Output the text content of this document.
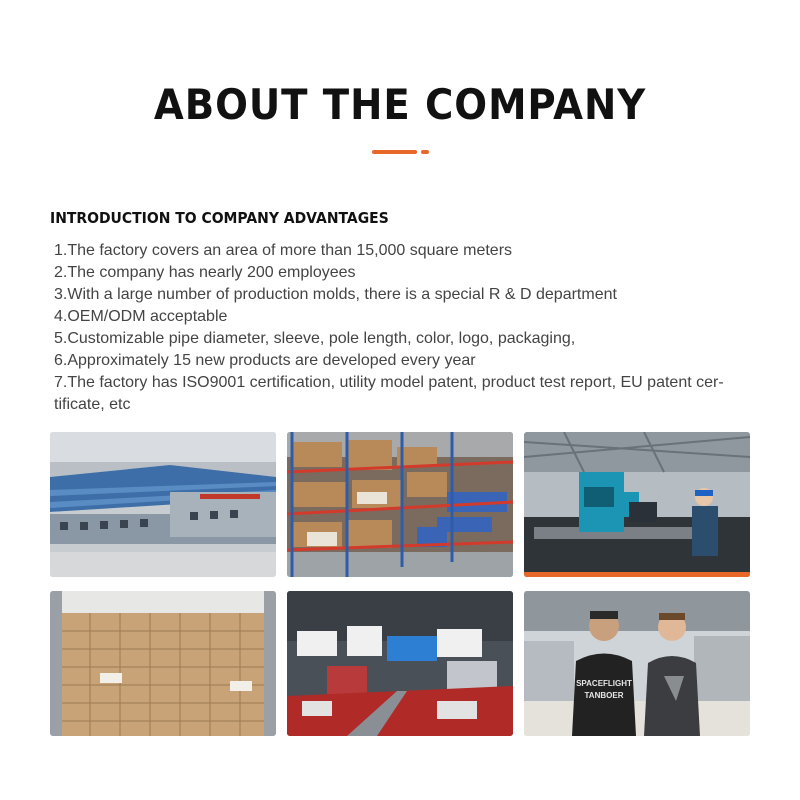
ABOUT THE COMPANY
INTRODUCTION TO COMPANY ADVANTAGES
1.The factory covers an area of more than 15,000 square meters
2.The company has nearly 200 employees
3.With a large number of production molds, there is a special R & D department
4.OEM/ODM acceptable
5.Customizable pipe diameter, sleeve, pole length, color, logo, packaging,
6.Approximately 15 new products are developed every year
7.The factory has ISO9001 certification, utility model patent, product test report, EU patent cer-tificate, etc
SPACEFLIGHT
TANBOER
